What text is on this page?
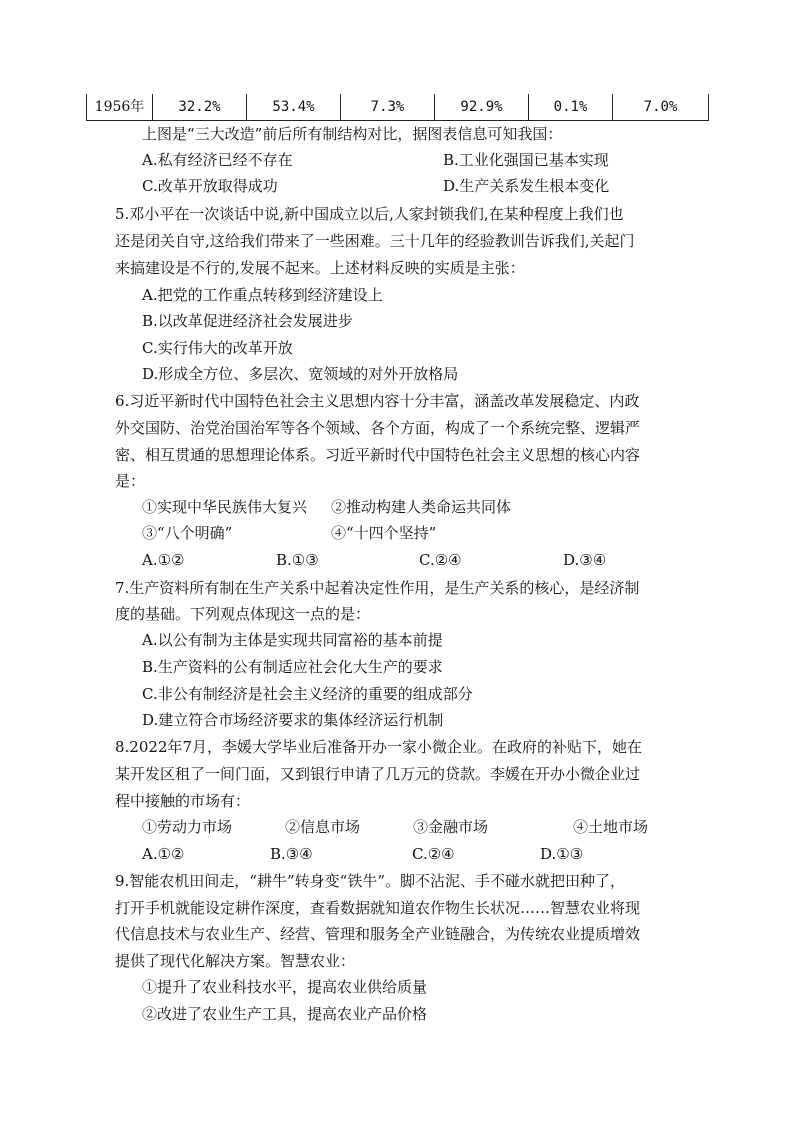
1956年	32.2%	53.4%	7.3%	92.9%	0.1%	7.0%
上图是“三大改造”前后所有制结构对比，据图表信息可知我国：
A.私有经济已经不存在	B.工业化强国已基本实现
C.改革开放取得成功	D.生产关系发生根本变化
5.邓小平在一次谈话中说,新中国成立以后,人家封锁我们,在某种程度上我们也
还是闭关自守,这给我们带来了一些困难。三十几年的经验教训告诉我们,关起门
来搞建设是不行的,发展不起来。上述材料反映的实质是主张：
A.把党的工作重点转移到经济建设上
B.以改革促进经济社会发展进步
C.实行伟大的改革开放
D.形成全方位、多层次、宽领域的对外开放格局
6.习近平新时代中国特色社会主义思想内容十分丰富，涵盖改革发展稳定、内政
外交国防、治党治国治军等各个领域、各个方面，构成了一个系统完整、逻辑严
密、相互贯通的思想理论体系。习近平新时代中国特色社会主义思想的核心内容
是：
①实现中华民族伟大复兴 ②推动构建人类命运共同体
③“八个明确”	④“十四个坚持”
A.①②	B.①③	C.②④	D.③④
7.生产资料所有制在生产关系中起着决定性作用，是生产关系的核心，是经济制
度的基础。下列观点体现这一点的是：
A.以公有制为主体是实现共同富裕的基本前提
B.生产资料的公有制适应社会化大生产的要求
C.非公有制经济是社会主义经济的重要的组成部分
D.建立符合市场经济要求的集体经济运行机制
8.2022年7月，李媛大学毕业后准备开办一家小微企业。在政府的补贴下，她在
某开发区租了一间门面，又到银行申请了几万元的贷款。李媛在开办小微企业过
程中接触的市场有：
①劳动力市场	②信息市场	③金融市场	④土地市场
A.①②	B.③④	C.②④	D.①③
9.智能农机田间走，“耕牛”转身变“铁牛”。脚不沾泥、手不碰水就把田种了，
打开手机就能设定耕作深度，查看数据就知道农作物生长状况……智慧农业将现
代信息技术与农业生产、经营、管理和服务全产业链融合，为传统农业提质增效
提供了现代化解决方案。智慧农业：
①提升了农业科技水平，提高农业供给质量
②改进了农业生产工具，提高农业产品价格
